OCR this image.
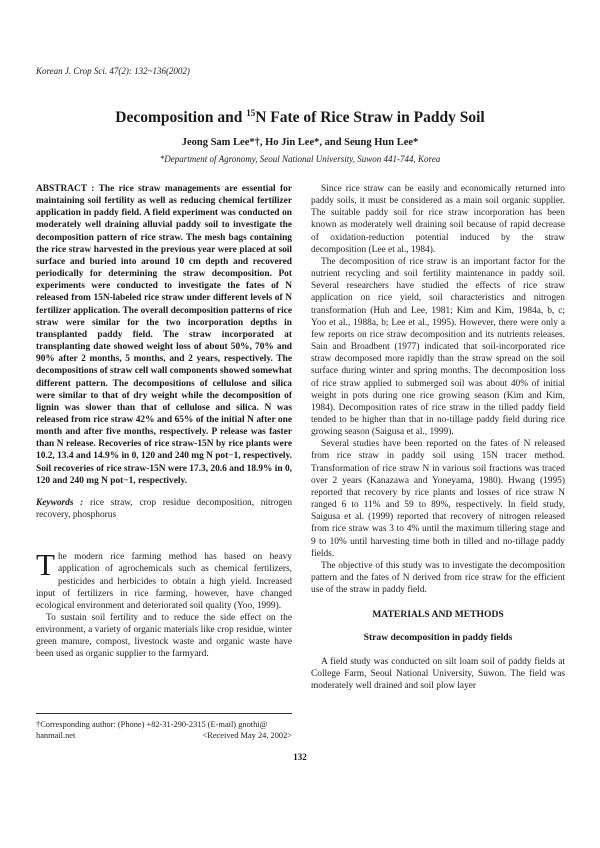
Korean J. Crop Sci. 47(2): 132~136(2002)
Decomposition and $^{15}$N Fate of Rice Straw in Paddy Soil
Jeong Sam Lee*†, Ho Jin Lee*, and Seung Hun Lee*
*Department of Agronomy, Seoul National University, Suwon 441-744, Korea
ABSTRACT : The rice straw managements are essential for maintaining soil fertility as well as reducing chemical fertilizer application in paddy field. A field experiment was conducted on moderately well draining alluvial paddy soil to investigate the decomposition pattern of rice straw. The mesh bags containing the rice straw harvested in the previous year were placed at soil surface and buried into around 10 cm depth and recovered periodically for determining the straw decomposition. Pot experiments were conducted to investigate the fates of N released from 15N-labeled rice straw under different levels of N fertilizer application. The overall decomposition patterns of rice straw were similar for the two incorporation depths in transplanted paddy field. The straw incorporated at transplanting date showed weight loss of about 50%, 70% and 90% after 2 months, 5 months, and 2 years, respectively. The decompositions of straw cell wall components showed somewhat different pattern. The decompositions of cellulose and silica were similar to that of dry weight while the decomposition of lignin was slower than that of cellulose and silica. N was released from rice straw 42% and 65% of the initial N after one month and after five months, respectively. P release was faster than N release. Recoveries of rice straw-15N by rice plants were 10.2, 13.4 and 14.9% in 0, 120 and 240 mg N pot−1, respectively. Soil recoveries of rice straw-15N were 17.3, 20.6 and 18.9% in 0, 120 and 240 mg N pot−1, respectively.
Keywords : rice straw, crop residue decomposition, nitrogen recovery, phosphorus

The modern rice farming method has based on heavy application of agrochemicals such as chemical fertilizers, pesticides and herbicides to obtain a high yield. Increased input of fertilizers in rice farming, however, have changed ecological environment and deteriorated soil quality (Yoo, 1999).

To sustain soil fertility and to reduce the side effect on the environment, a variety of organic materials like crop residue, winter green manure, compost, livestock waste and organic waste have been used as organic supplier to the farmyard.

Since rice straw can be easily and economically returned into paddy soils, it must be considered as a main soil organic supplier. The suitable paddy soil for rice straw incorporation has been known as moderately well draining soil because of rapid decrease of oxidation-reduction potential induced by the straw decomposition (Lee et al., 1984).

The decomposition of rice straw is an important factor for the nutrient recycling and soil fertility maintenance in paddy soil. Several researchers have studied the effects of rice straw application on rice yield, soil characteristics and nitrogen transformation (Huh and Lee, 1981; Kim and Kim, 1984a, b, c; Yoo et al., 1988a, b; Lee et al., 1995). However, there were only a few reports on rice straw decomposition and its nutrients releases. Sain and Broadbent (1977) indicated that soil-incorporated rice straw decomposed more rapidly than the straw spread on the soil surface during winter and spring months. The decomposition loss of rice straw applied to submerged soil was about 40% of initial weight in pots during one rice growing season (Kim and Kim, 1984). Decomposition rates of rice straw in the tilled paddy field tended to be higher than that in no-tillage paddy field during rice growing season (Saigusa et al., 1999).

Several studies have been reported on the fates of N released from rice straw in paddy soil using 15N tracer method. Transformation of rice straw N in various soil fractions was traced over 2 years (Kanazawa and Yoneyama, 1980). Hwang (1995) reported that recovery by rice plants and losses of rice straw N ranged 6 to 11% and 59 to 89%, respectively. In field study, Saigusa et al. (1999) reported that recovery of nitrogen released from rice straw was 3 to 4% until the maximum tillering stage and 9 to 10% until harvesting time both in tilled and no-tillage paddy fields.

The objective of this study was to investigate the decomposition pattern and the fates of N derived from rice straw for the efficient use of the straw in paddy field.

MATERIALS AND METHODS
Straw decomposition in paddy fields

A field study was conducted on silt loam soil of paddy fields at College Farm, Seoul National University, Suwon. The field was moderately well drained and soil plow layer

†Corresponding author: (Phone) +82-31-290-2315 (E-mail) gnothi@
hanmail.net	<Received May 24, 2002>
132
